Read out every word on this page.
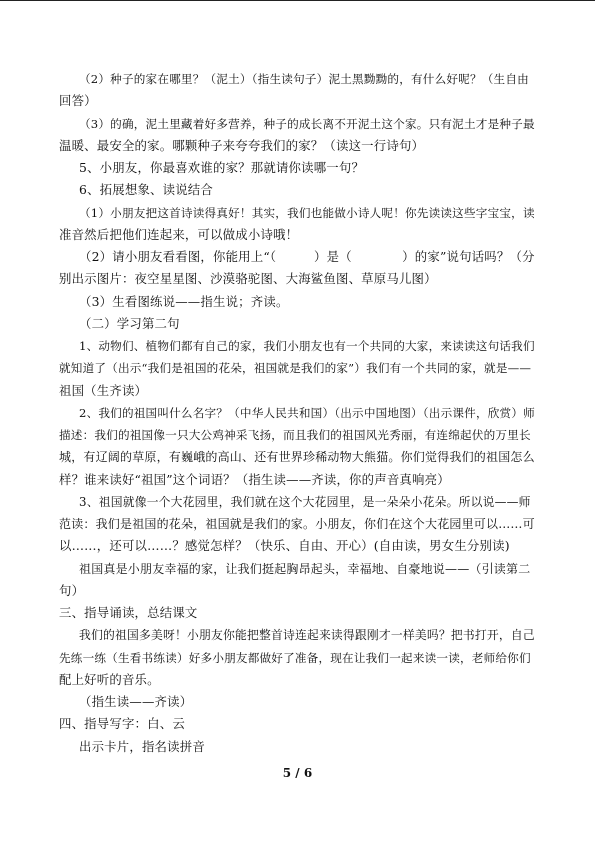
（2）种子的家在哪里？（泥土）（指生读句子）泥土黑黝黝的，有什么好呢？（生自由
回答）
（3）的确，泥土里藏着好多营养，种子的成长离不开泥土这个家。只有泥土才是种子最
温暖、最安全的家。哪颗种子来夸夸我们的家？（读这一行诗句）
5、小朋友，你最喜欢谁的家？那就请你读哪一句？
6、拓展想象、读说结合
（1）小朋友把这首诗读得真好！其实，我们也能做小诗人呢！你先读读这些字宝宝，读
准音然后把他们连起来，可以做成小诗哦！
（2）请小朋友看看图，你能用上“（　　　）是（　　　　）的家”说句话吗？（分
别出示图片：夜空星星图、沙漠骆驼图、大海鲨鱼图、草原马儿图）
（3）生看图练说——指生说；齐读。
（二）学习第二句
1、动物们、植物们都有自己的家，我们小朋友也有一个共同的大家，来读读这句话我们
就知道了（出示“我们是祖国的花朵，祖国就是我们的家”）我们有一个共同的家，就是——
祖国（生齐读）
2、我们的祖国叫什么名字？（中华人民共和国）（出示中国地图）（出示课件，欣赏）师
描述：我们的祖国像一只大公鸡神采飞扬，而且我们的祖国风光秀丽，有连绵起伏的万里长
城，有辽阔的草原，有巍峨的高山、还有世界珍稀动物大熊猫。你们觉得我们的祖国怎么
样？谁来读好“祖国”这个词语？（指生读——齐读，你的声音真响亮）
3、祖国就像一个大花园里，我们就在这个大花园里，是一朵朵小花朵。所以说——师
范读：我们是祖国的花朵，祖国就是我们的家。小朋友，你们在这个大花园里可以……可
以……，还可以……？感觉怎样？（快乐、自由、开心）(自由读，男女生分别读)
祖国真是小朋友幸福的家，让我们挺起胸昂起头，幸福地、自豪地说——（引读第二
句）
三、指导诵读，总结课文
我们的祖国多美呀！小朋友你能把整首诗连起来读得跟刚才一样美吗？把书打开，自己
先练一练（生看书练读）好多小朋友都做好了准备，现在让我们一起来读一读，老师给你们
配上好听的音乐。
（指生读——齐读）
四、指导写字：白、云
出示卡片，指名读拼音
5 / 6
